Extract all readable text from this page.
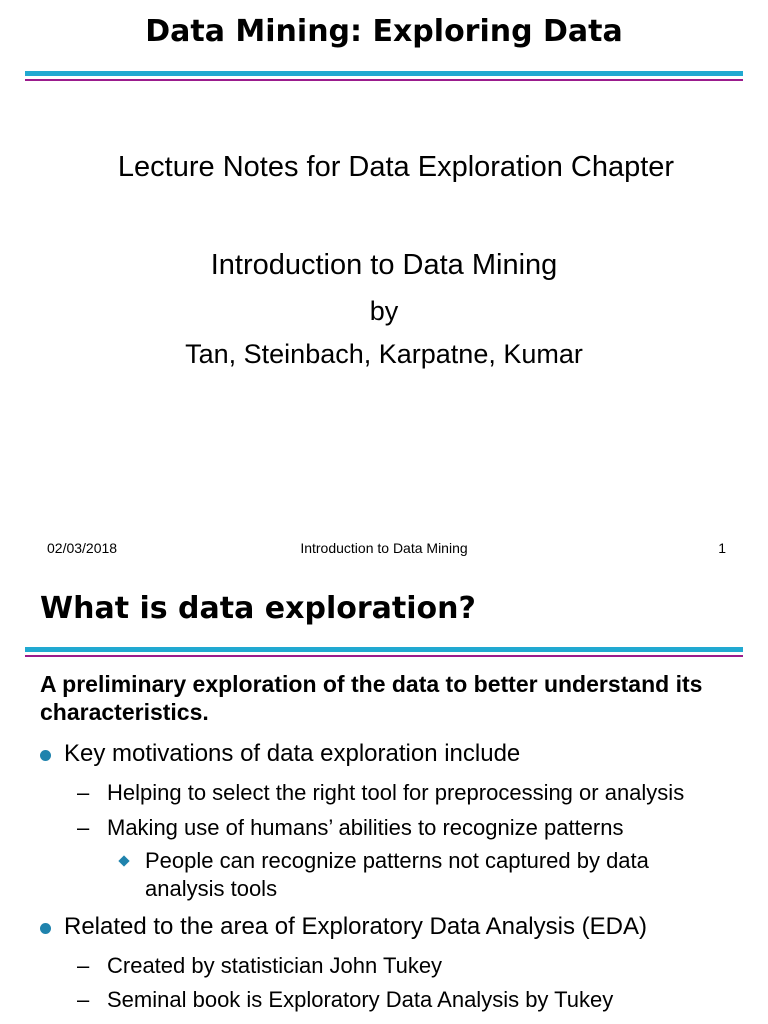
Data Mining: Exploring Data
Lecture Notes for Data Exploration Chapter
Introduction to Data Mining
by
Tan, Steinbach, Karpatne, Kumar
02/03/2018	Introduction to Data Mining	1
What is data exploration?
A preliminary exploration of the data to better understand its characteristics.
Key motivations of data exploration include
– Helping to select the right tool for preprocessing or analysis
– Making use of humans’ abilities to recognize patterns
People can recognize patterns not captured by data analysis tools
Related to the area of Exploratory Data Analysis (EDA)
– Created by statistician John Tukey
– Seminal book is Exploratory Data Analysis by Tukey
